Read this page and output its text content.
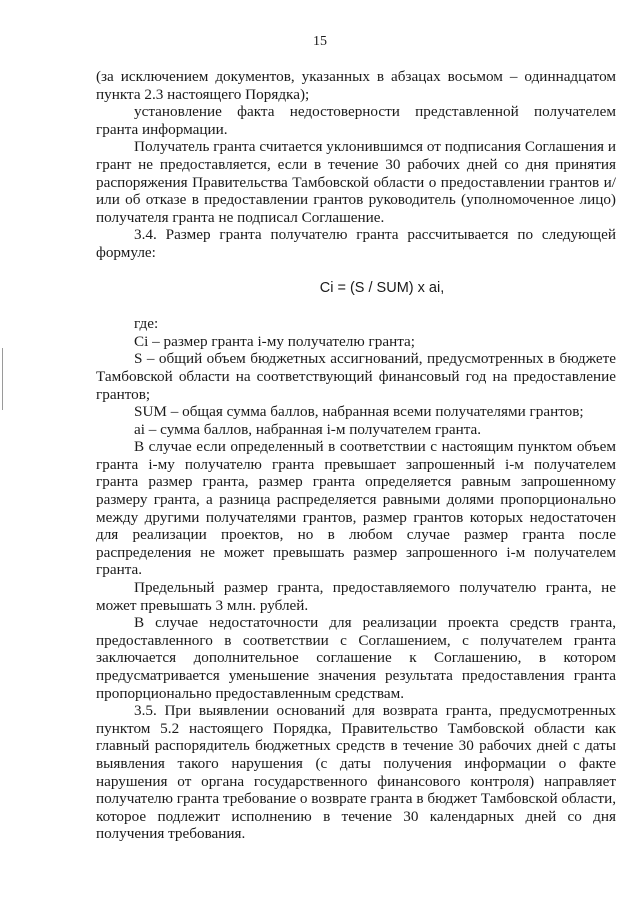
15

(за исключением документов, указанных в абзацах восьмом – одиннадцатом пункта 2.3 настоящего Порядка);

установление факта недостоверности представленной получателем гранта информации.

Получатель гранта считается уклонившимся от подписания Соглашения и грант не предоставляется, если в течение 30 рабочих дней со дня принятия распоряжения Правительства Тамбовской области о предоставлении грантов и/или об отказе в предоставлении грантов руководитель (уполномоченное лицо) получателя гранта не подписал Соглашение.

3.4. Размер гранта получателю гранта рассчитывается по следующей формуле:

Ci = (S / SUM) x ai,

где:

Ci – размер гранта i-му получателю гранта;

S – общий объем бюджетных ассигнований, предусмотренных в бюджете Тамбовской области на соответствующий финансовый год на предоставление грантов;

SUM – общая сумма баллов, набранная всеми получателями грантов;

ai – сумма баллов, набранная i-м получателем гранта.

В случае если определенный в соответствии с настоящим пунктом объем гранта i-му получателю гранта превышает запрошенный i-м получателем гранта размер гранта, размер гранта определяется равным запрошенному размеру гранта, а разница распределяется равными долями пропорционально между другими получателями грантов, размер грантов которых недостаточен для реализации проектов, но в любом случае размер гранта после распределения не может превышать размер запрошенного i-м получателем гранта.

Предельный размер гранта, предоставляемого получателю гранта, не может превышать 3 млн. рублей.

В случае недостаточности для реализации проекта средств гранта, предоставленного в соответствии с Соглашением, с получателем гранта заключается дополнительное соглашение к Соглашению, в котором предусматривается уменьшение значения результата предоставления гранта пропорционально предоставленным средствам.

3.5. При выявлении оснований для возврата гранта, предусмотренных пунктом 5.2 настоящего Порядка, Правительство Тамбовской области как главный распорядитель бюджетных средств в течение 30 рабочих дней с даты выявления такого нарушения (с даты получения информации о факте нарушения от органа государственного финансового контроля) направляет получателю гранта требование о возврате гранта в бюджет Тамбовской области, которое подлежит исполнению в течение 30 календарных дней со дня получения требования.
